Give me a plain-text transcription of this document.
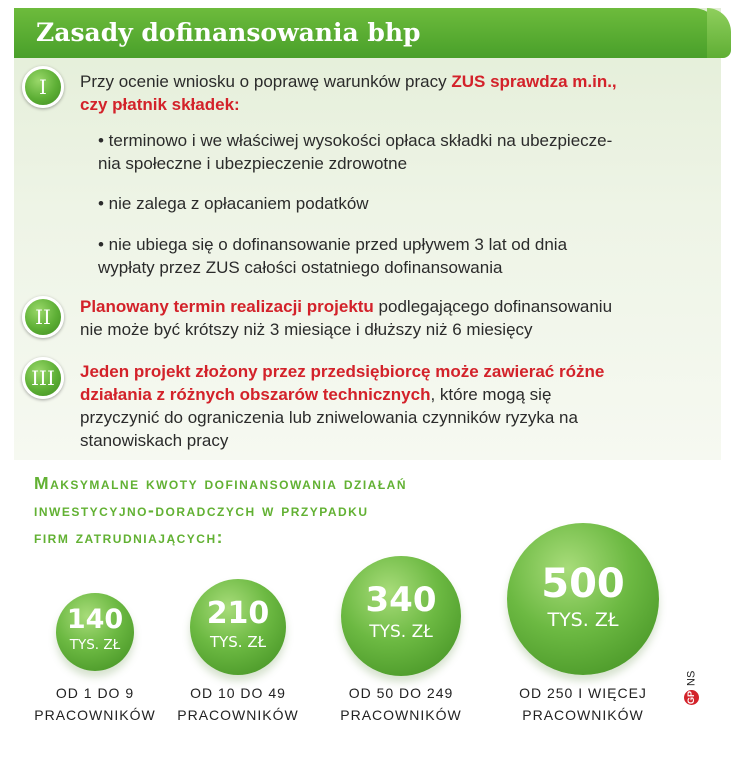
Zasady dofinansowania bhp
I Przy ocenie wniosku o poprawę warunków pracy ZUS sprawdza m.in.,
czy płatnik składek:
• terminowo i we właściwej wysokości opłaca składki na ubezpiecze-
nia społeczne i ubezpieczenie zdrowotne
• nie zalega z opłacaniem podatków
• nie ubiega się o dofinansowanie przed upływem 3 lat od dnia
wypłaty przez ZUS całości ostatniego dofinansowania
II Planowany termin realizacji projektu podlegającego dofinansowaniu
nie może być krótszy niż 3 miesiące i dłuższy niż 6 miesięcy
III Jeden projekt złożony przez przedsiębiorcę może zawierać różne
działania z różnych obszarów technicznych, które mogą się
przyczynić do ograniczenia lub zniwelowania czynników ryzyka na
stanowiskach pracy
Maksymalne kwoty dofinansowania działań
inwestycyjno-doradczych w przypadku
firm zatrudniających:
140
TYS. ZŁ
210
TYS. ZŁ
340
TYS. ZŁ
500
TYS. ZŁ
OD 1 DO 9
PRACOWNIKÓW
OD 10 DO 49
PRACOWNIKÓW
OD 50 DO 249
PRACOWNIKÓW
OD 250 I WIĘCEJ
PRACOWNIKÓW
GP NS
